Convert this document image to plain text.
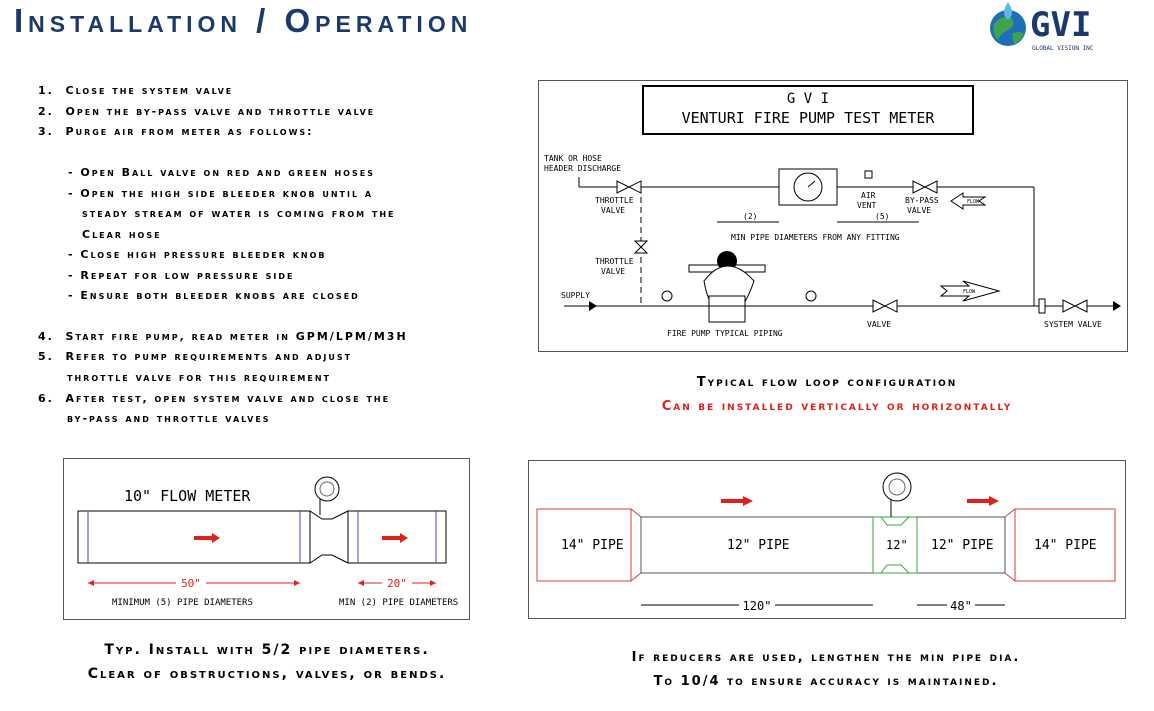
Installation / Operation	GVI
GLOBAL VISION INC
1. Close the system valve
2. Open the by-pass valve and throttle valve
3. Purge air from meter as follows:
- Open Ball valve on red and green hoses
- Open the high side bleeder knob until a
steady stream of water is coming from the
Clear hose
- Close high pressure bleeder knob
- Repeat for low pressure side
- Ensure both bleeder knobs are closed
4. Start fire pump, read meter in GPM/LPM/M3H
5. Refer to pump requirements and adjust
throttle valve for this requirement
6. After test, open system valve and close the
by-pass and throttle valves
G V I
VENTURI FIRE PUMP TEST METER
TANK OR HOSE
HEADER DISCHARGE
THROTTLE
VALVE
AIR
VENT
BY-PASS
VALVE
FLOW
(2)	(5)
MIN PIPE DIAMETERS FROM ANY FITTING
THROTTLE
VALVE
SUPPLY
FIRE PUMP TYPICAL PIPING
VALVE
FLOW
SYSTEM VALVE
Typical flow loop configuration
Can be installed vertically or horizontally
10" FLOW METER
50"	20"
MINIMUM (5) PIPE DIAMETERS	MIN (2) PIPE DIAMETERS
Typ. Install with 5/2 pipe diameters.
Clear of obstructions, valves, or bends.
14" PIPE	12" PIPE	12" 12" PIPE	14" PIPE
120"	48"
If reducers are used, lengthen the min pipe dia.
To 10/4 to ensure accuracy is maintained.
